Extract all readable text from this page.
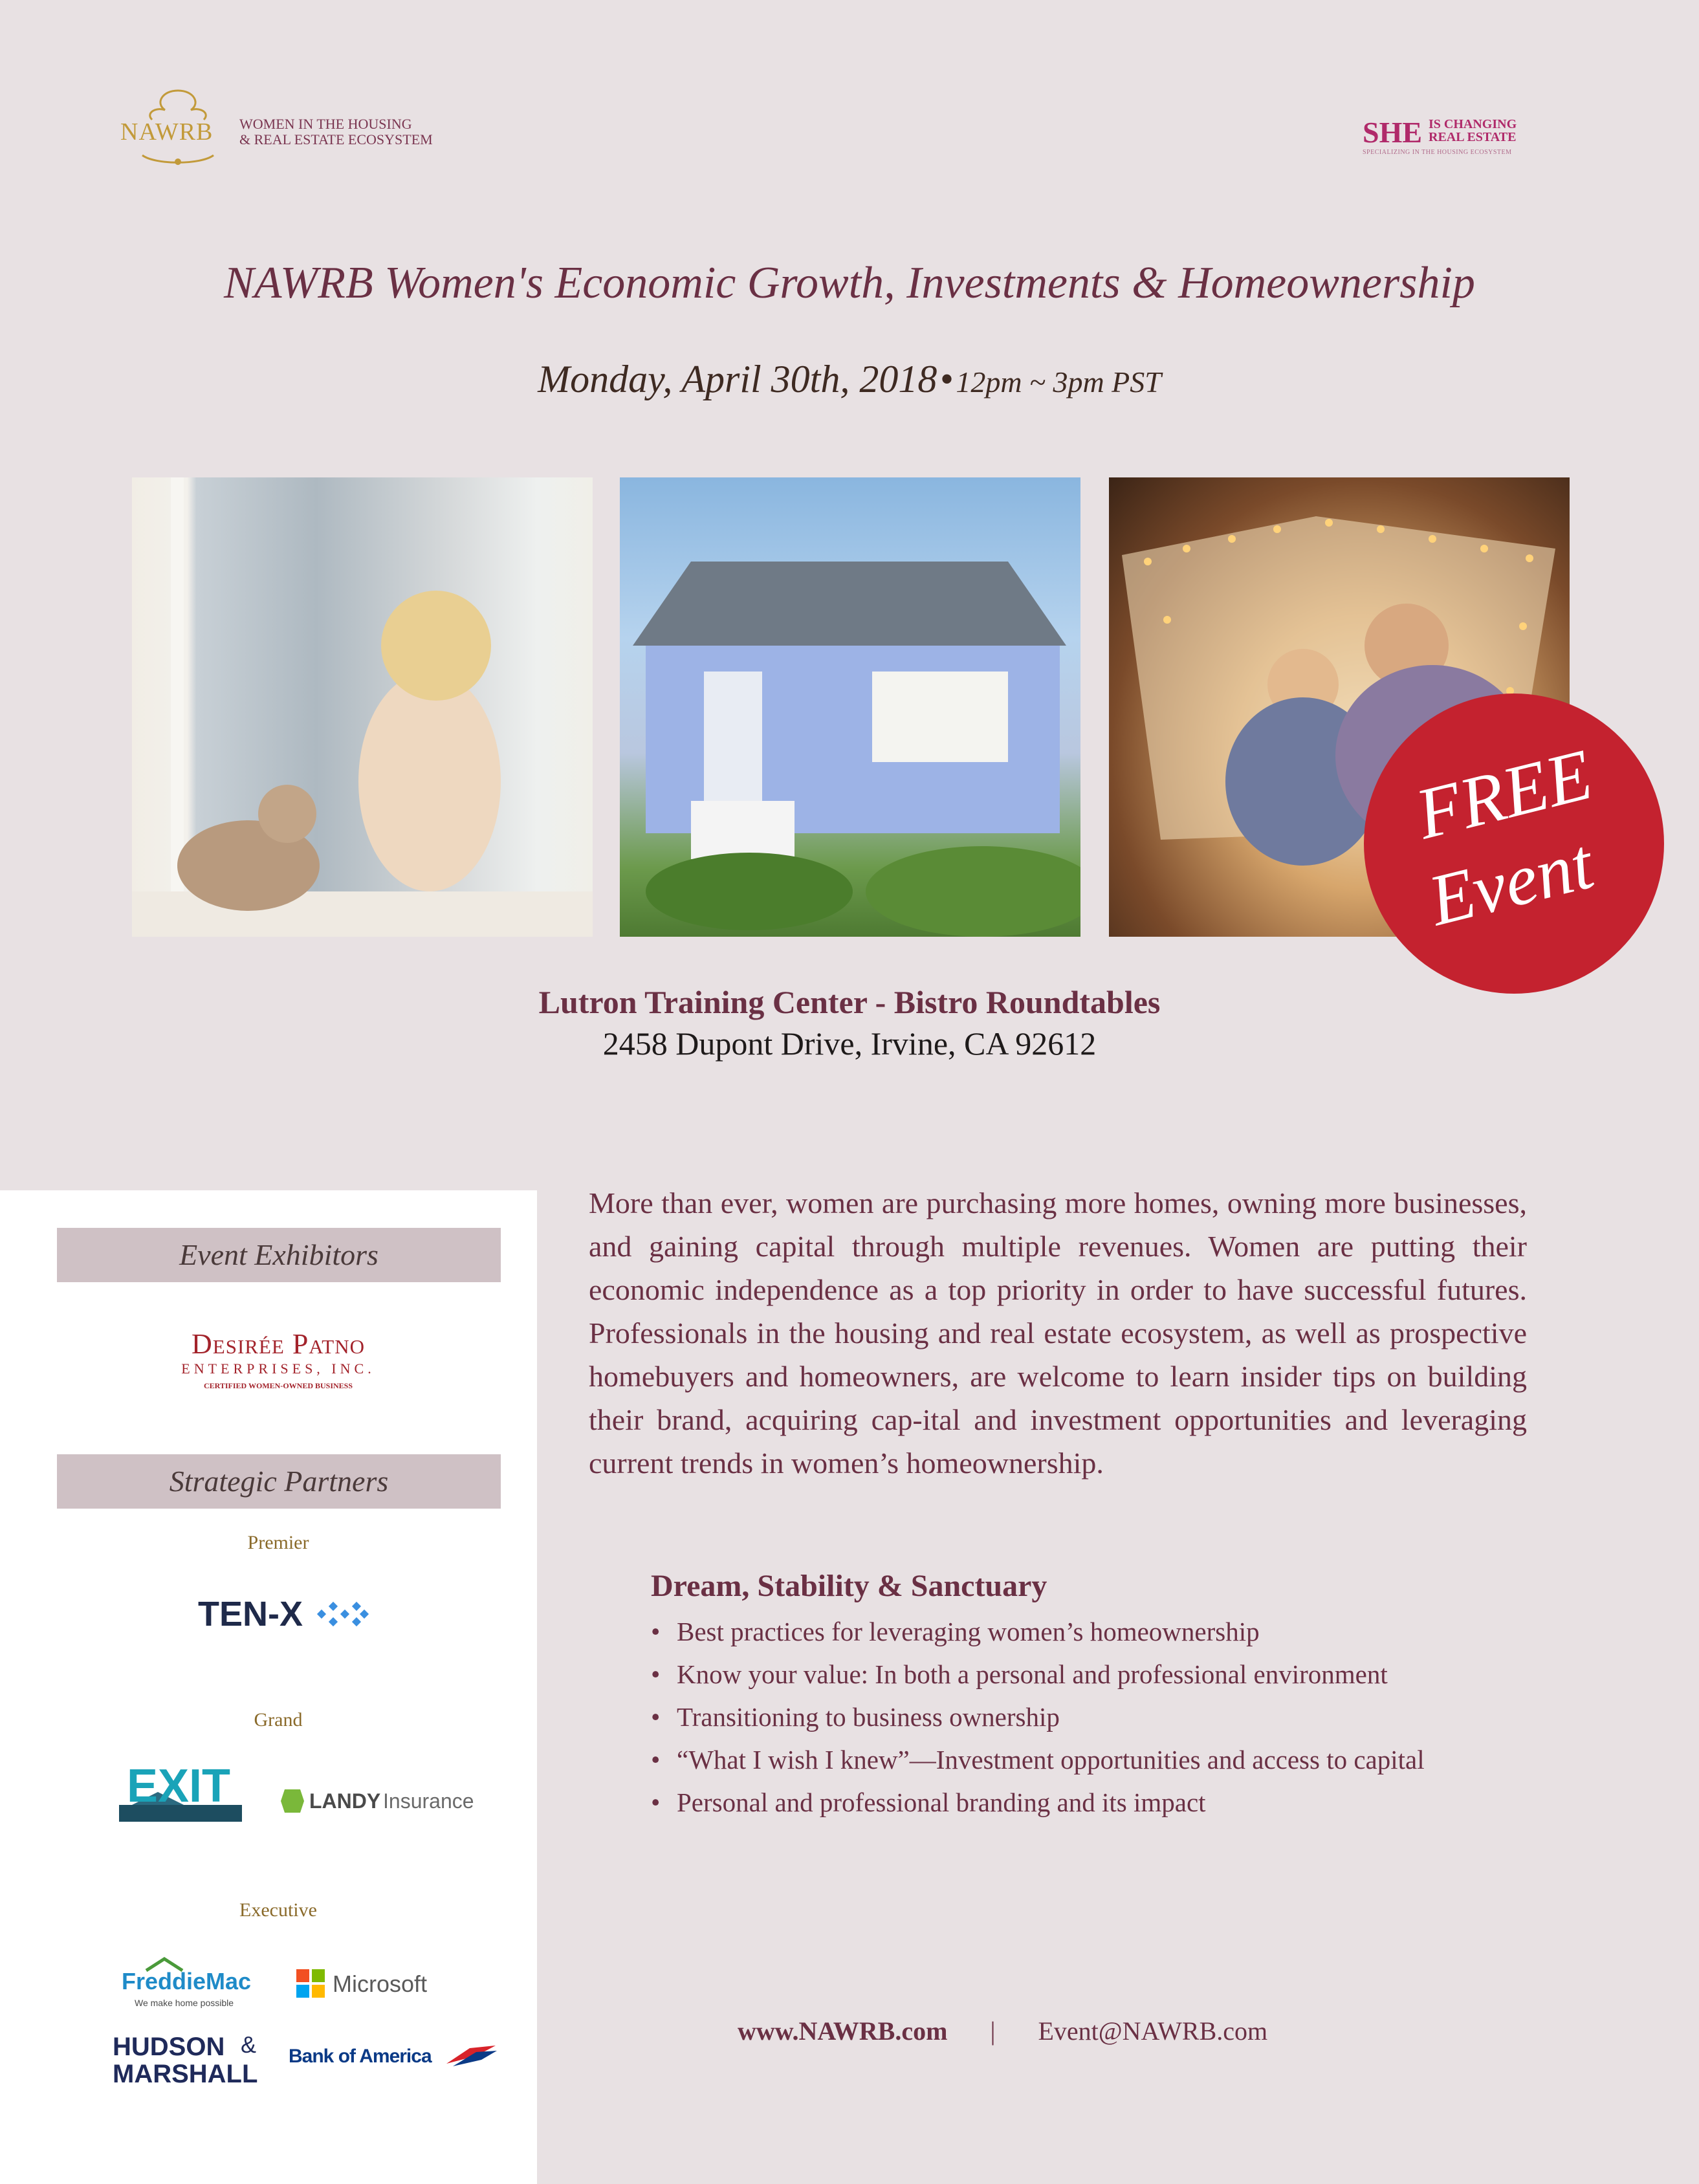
NAWRB WOMEN IN THE HOUSING
& REAL ESTATE ECOSYSTEM	SHE IS CHANGING
REAL ESTATE
SPECIALIZING IN THE HOUSING ECOSYSTEM
NAWRB Women's Economic Growth, Investments & Homeownership
Monday, April 30th, 2018 • 12pm ~ 3pm PST
FREE
Event
Lutron Training Center - Bistro Roundtables
2458 Dupont Drive, Irvine, CA 92612
Event Exhibitors
Desirée Patno
ENTERPRISES, INC.
CERTIFIED WOMEN-OWNED BUSINESS
Strategic Partners
Premier
TEN-X
Grand
EXIT	LANDY Insurance
Executive
FreddieMac
We make home possible
Microsoft
HUDSON &
MARSHALL
Bank of America
More than ever, women are purchasing more homes, owning more businesses, and gaining capital through multiple revenues. Women are putting their economic independence as a top priority in order to have successful futures. Professionals in the housing and real estate ecosystem, as well as prospective homebuyers and homeowners, are welcome to learn insider tips on building their brand, acquiring cap-ital and investment opportunities and leveraging current trends in women’s homeownership.
Dream, Stability & Sanctuary
• Best practices for leveraging women’s homeownership
• Know your value: In both a personal and professional environment
• Transitioning to business ownership
• “What I wish I knew”—Investment opportunities and access to capital
• Personal and professional branding and its impact
www.NAWRB.com | Event@NAWRB.com
